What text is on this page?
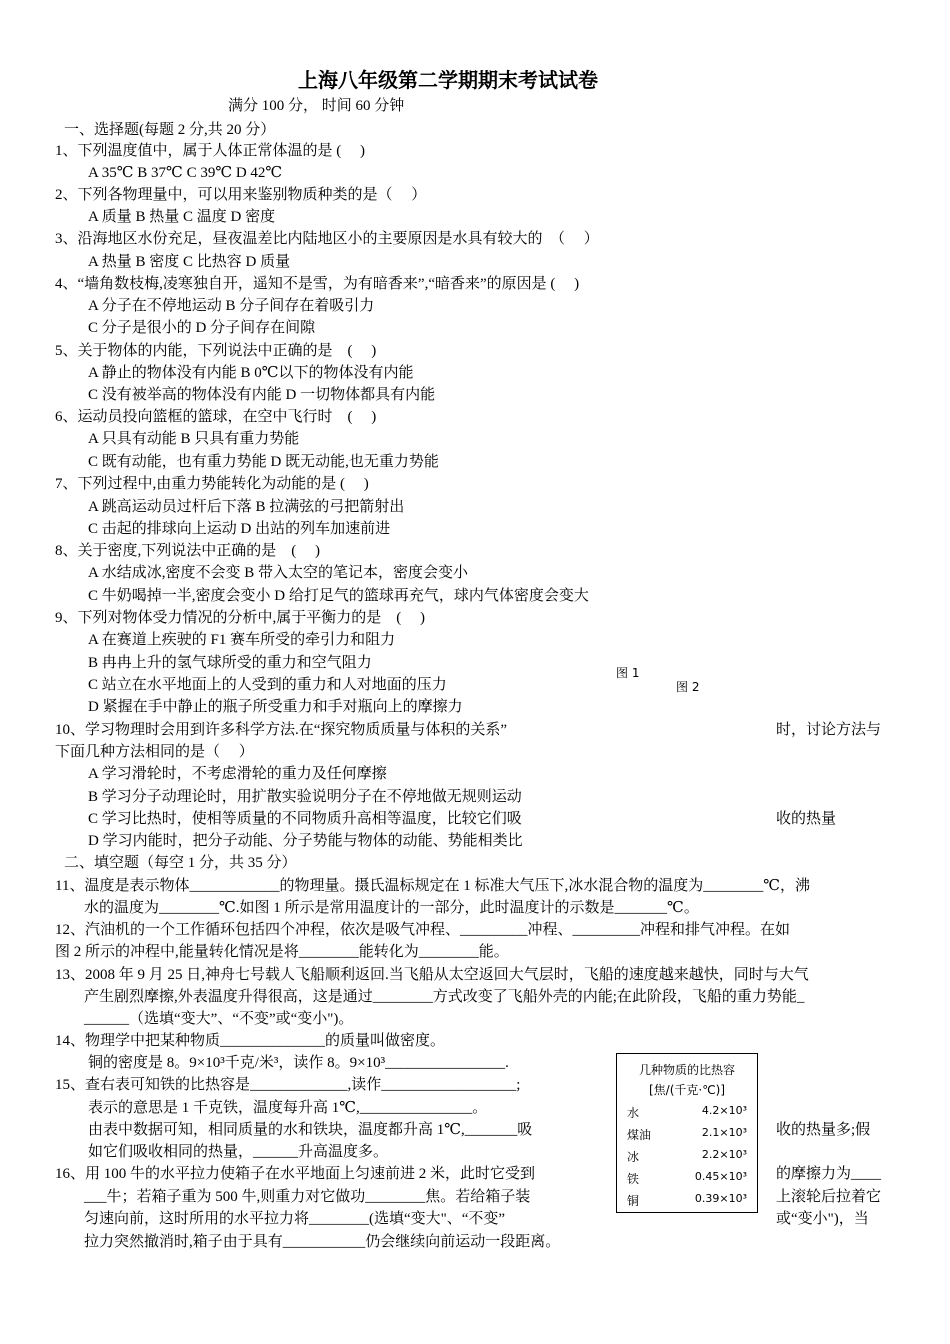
上海八年级第二学期期末考试试卷
满分 100 分， 时间 60 分钟
一、选择题(每题 2 分,共 20 分）
1、下列温度值中，属于人体正常体温的是 (　 )
A 35℃ B 37℃ C 39℃ D 42℃
2、下列各物理量中，可以用来鉴别物质种类的是（　 ）
A 质量 B 热量 C 温度 D 密度
3、沿海地区水份充足，昼夜温差比内陆地区小的主要原因是水具有较大的　（　 ）
A 热量 B 密度 C 比热容 D 质量
4、“墙角数枝梅,凌寒独自开，遥知不是雪，为有暗香来”,“暗香来”的原因是 (　 )
A 分子在不停地运动 B 分子间存在着吸引力
C 分子是很小的 D 分子间存在间隙
5、关于物体的内能，下列说法中正确的是　(　 )
A 静止的物体没有内能 B 0℃以下的物体没有内能
C 没有被举高的物体没有内能 D 一切物体都具有内能
6、运动员投向篮框的篮球，在空中飞行时　(　 )
A 只具有动能 B 只具有重力势能
C 既有动能，也有重力势能 D 既无动能,也无重力势能
7、下列过程中,由重力势能转化为动能的是 (　 )
A 跳高运动员过杆后下落 B 拉满弦的弓把箭射出
C 击起的排球向上运动 D 出站的列车加速前进
8、关于密度,下列说法中正确的是　(　 )
A 水结成冰,密度不会变 B 带入太空的笔记本，密度会变小
C 牛奶喝掉一半,密度会变小 D 给打足气的篮球再充气，球内气体密度会变大
9、下列对物体受力情况的分析中,属于平衡力的是　(　 )
A 在赛道上疾驶的 F1 赛车所受的牵引力和阻力
B 冉冉上升的氢气球所受的重力和空气阻力
C 站立在水平地面上的人受到的重力和人对地面的压力
D 紧握在手中静止的瓶子所受重力和手对瓶向上的摩擦力
图 1
图 2
10、学习物理时会用到许多科学方法.在“探究物质质量与体积的关系”	时，讨论方法与
下面几种方法相同的是（　 ）
A 学习滑轮时，不考虑滑轮的重力及任何摩擦
B 学习分子动理论时，用扩散实验说明分子在不停地做无规则运动
C 学习比热时，使相等质量的不同物质升高相等温度，比较它们吸	收的热量
D 学习内能时，把分子动能、分子势能与物体的动能、势能相类比
二、填空题（每空 1 分，共 35 分）
11、温度是表示物体____________的物理量。摄氏温标规定在 1 标准大气压下,冰水混合物的温度为________℃，沸
水的温度为________℃.如图 1 所示是常用温度计的一部分，此时温度计的示数是_______℃。
12、汽油机的一个工作循环包括四个冲程，依次是吸气冲程、_________冲程、_________冲程和排气冲程。在如
图 2 所示的冲程中,能量转化情况是将________能转化为________能。
13、2008 年 9 月 25 日,神舟七号载人飞船顺利返回.当飞船从太空返回大气层时，飞船的速度越来越快，同时与大气
产生剧烈摩擦,外表温度升得很高，这是通过________方式改变了飞船外壳的内能;在此阶段，飞船的重力势能_
______（选填“变大”、“不变”或“变小")。
14、物理学中把某种物质______________的质量叫做密度。
铜的密度是 8。9×10³千克/米³，读作 8。9×10³________________.
15、查右表可知铁的比热容是_____________,读作__________________;
表示的意思是 1 千克铁，温度每升高 1℃,_______________。
由表中数据可知，相同质量的水和铁块，温度都升高 1℃,_______吸	收的热量多;假
如它们吸收相同的热量，______升高温度多。
16、用 100 牛的水平拉力使箱子在水平地面上匀速前进 2 米，此时它受到	的摩擦力为____
___牛；若箱子重为 500 牛,则重力对它做功________焦。若给箱子装	上滚轮后拉着它
匀速向前，这时所用的水平拉力将________(选填“变大"、“不变”	或“变小")，当
拉力突然撤消时,箱子由于具有___________仍会继续向前运动一段距离。
几种物质的比热容
[焦/(千克·℃)]
水	4.2×10³
煤油	2.1×10³
冰	2.2×10³
铁	0.45×10³
铜	0.39×10³
